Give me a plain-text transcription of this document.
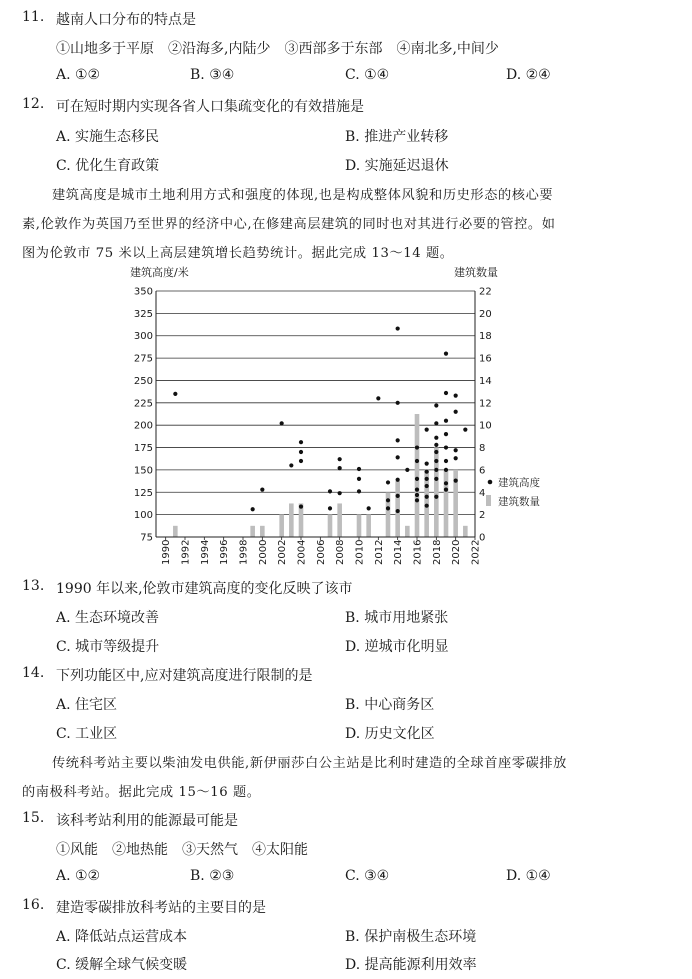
11. 越南人口分布的特点是
①山地多于平原　②沿海多,内陆少　③西部多于东部　④南北多,中间少
A. ①②	B. ③④	C. ①④	D. ②④
12. 可在短时期内实现各省人口集疏变化的有效措施是
A. 实施生态移民	B. 推进产业转移
C. 优化生育政策	D. 实施延迟退休
建筑高度是城市土地利用方式和强度的体现,也是构成整体风貌和历史形态的核心要
素,伦敦作为英国乃至世界的经济中心,在修建高层建筑的同时也对其进行必要的管控。如
图为伦敦市 75 米以上高层建筑增长趋势统计。据此完成 13～14 题。
建筑高度/米	建筑数量
75
100
125
150
175
200
225
250
275
300
325
350
0
2
4
6
8
10
12
14
16
18
20
22
1990 1992 1994 1996 1998 2000 2002 2004 2006 2008 2010 2012 2014 2016 2018 2020 2022
建筑高度
建筑数量
13. 1990 年以来,伦敦市建筑高度的变化反映了该市
A. 生态环境改善	B. 城市用地紧张
C. 城市等级提升	D. 逆城市化明显
14. 下列功能区中,应对建筑高度进行限制的是
A. 住宅区	B. 中心商务区
C. 工业区	D. 历史文化区
传统科考站主要以柴油发电供能,新伊丽莎白公主站是比利时建造的全球首座零碳排放
的南极科考站。据此完成 15～16 题。
15. 该科考站利用的能源最可能是
①风能　②地热能　③天然气　④太阳能
A. ①②	B. ②③	C. ③④	D. ①④
16. 建造零碳排放科考站的主要目的是
A. 降低站点运营成本	B. 保护南极生态环境
C. 缓解全球气候变暖	D. 提高能源利用效率
